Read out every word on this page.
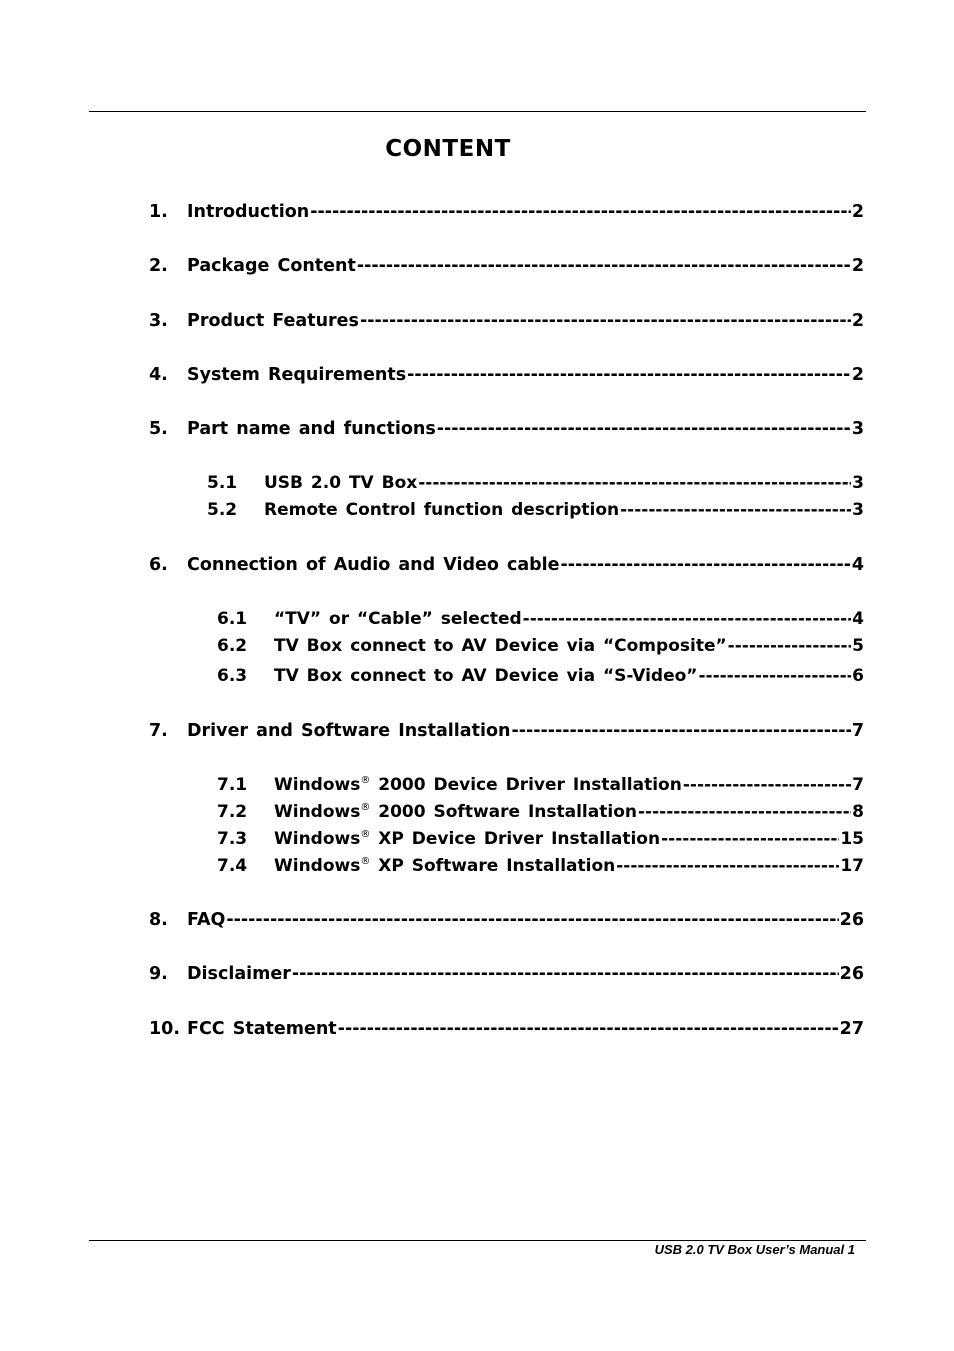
CONTENT
1.	Introduction -----	2
2.	Package Content -----	2
3.	Product Features -----	2
4.	System Requirements -----	2
5.	Part name and functions -----	3
5.1	USB 2.0 TV Box -----	3
5.2	Remote Control function description -----	3
6.	Connection of Audio and Video cable -----	4
6.1	“TV” or “Cable” selected -----	4
6.2	TV Box connect to AV Device via “Composite” -----	5
6.3	TV Box connect to AV Device via “S-Video” -----	6
7.	Driver and Software Installation -----	7
7.1	Windows® 2000 Device Driver Installation -----	7
7.2	Windows® 2000 Software Installation -----	8
7.3	Windows® XP Device Driver Installation -----	15
7.4	Windows® XP Software Installation -----	17
8.	FAQ -----	26
9.	Disclaimer -----	26
10. FCC Statement -----	27
USB 2.0 TV Box User’s Manual 1
